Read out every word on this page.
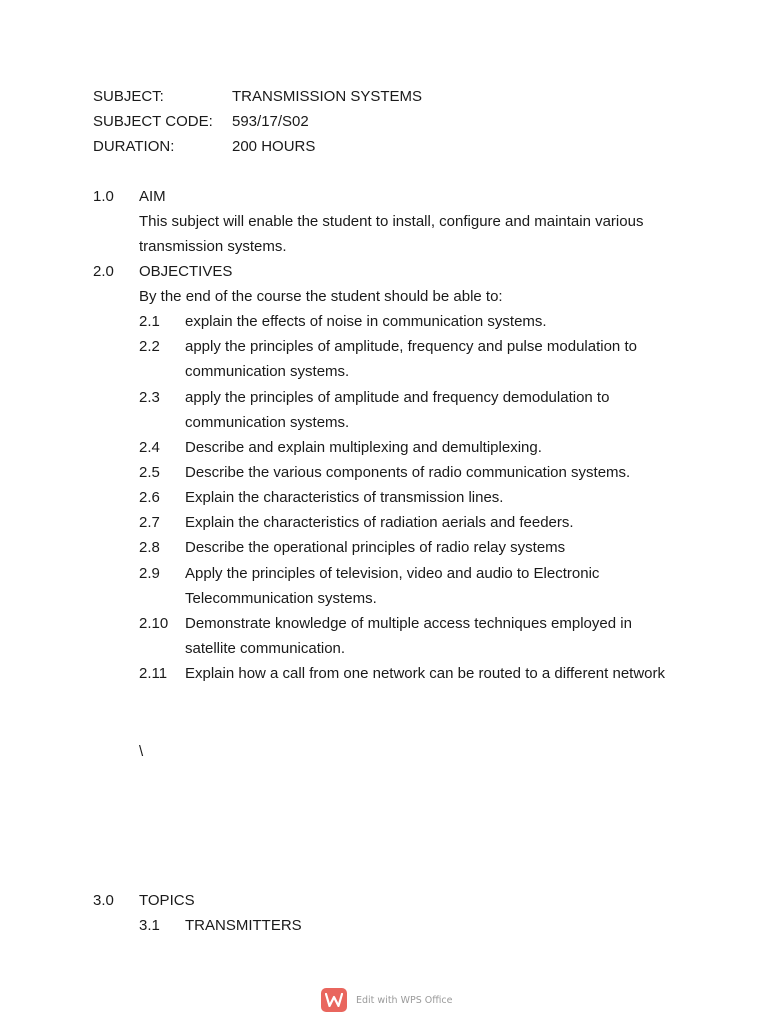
SUBJECT:	TRANSMISSION SYSTEMS
SUBJECT CODE: 593/17/S02
DURATION:	200 HOURS
1.0 AIM
This subject will enable the student to install, configure and maintain various transmission systems.
2.0 OBJECTIVES
By the end of the course the student should be able to:
2.1 explain the effects of noise in communication systems.
2.2 apply the principles of amplitude, frequency and pulse modulation to communication systems.
2.3 apply the principles of amplitude and frequency demodulation to communication systems.
2.4 Describe and explain multiplexing and demultiplexing.
2.5 Describe the various components of radio communication systems.
2.6 Explain the characteristics of transmission lines.
2.7 Explain the characteristics of radiation aerials and feeders.
2.8 Describe the operational principles of radio relay systems
2.9 Apply the principles of television, video and audio to Electronic Telecommunication systems.
2.10 Demonstrate knowledge of multiple access techniques employed in satellite communication.
2.11 Explain how a call from one network can be routed to a different network
\
3.0 TOPICS
3.1 TRANSMITTERS
Edit with WPS Office
